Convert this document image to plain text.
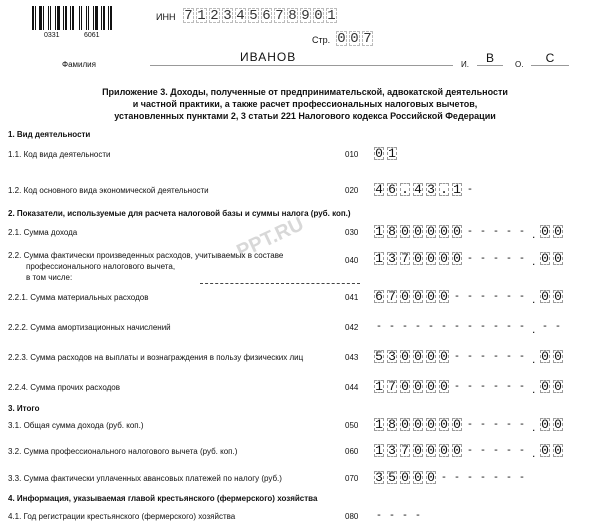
0331	6061
ИНН 7 1 2 3 4 5 6 7 8 9 0 1
Стр. 0 0 7
Фамилия
ИВАНОВ
И.	В	О.	С
Приложение 3. Доходы, полученные от предпринимательской, адвокатской деятельности
и частной практики, а также расчет профессиональных налоговых вычетов,
установленных пунктами 2, 3 статьи 221 Налогового кодекса Российской Федерации
PPT.RU
1. Вид деятельности
1.1. Код вида деятельности	010 0 1
1.2. Код основного вида экономической деятельности	020 4 6 . 4 3 . 1 -
2. Показатели, используемые для расчета налоговой базы и суммы налога (руб. коп.)
2.1. Сумма дохода	030 1 8 0 0 0 0 0 - - - - - . 0 0
2.2. Сумма фактически произведенных расходов, учитываемых в составе
профессионального налогового вычета,
в том числе:
040 1 3 7 0 0 0 0 - - - - - . 0 0
2.2.1. Сумма материальных расходов	041 6 7 0 0 0 0 - - - - - - . 0 0
2.2.2. Сумма амортизационных начислений	042 - - - - - - - - - - - - . - -
2.2.3. Сумма расходов на выплаты и вознаграждения в пользу физических лиц	043 5 3 0 0 0 0 - - - - - - . 0 0
2.2.4. Сумма прочих расходов	044 1 7 0 0 0 0 - - - - - - . 0 0
3. Итого
3.1. Общая сумма дохода (руб. коп.)	050 1 8 0 0 0 0 0 - - - - - . 0 0
3.2. Сумма профессионального налогового вычета (руб. коп.)	060 1 3 7 0 0 0 0 - - - - - . 0 0
3.3. Сумма фактически уплаченных авансовых платежей по налогу (руб.)	070 3 5 0 0 0 - - - - - - -
4. Информация, указываемая главой крестьянского (фермерского) хозяйства
4.1. Год регистрации крестьянского (фермерского) хозяйства	080 - - - -
